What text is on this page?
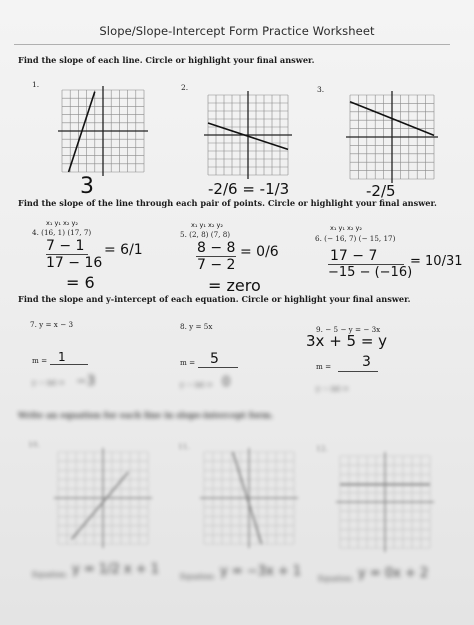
Slope/Slope-Intercept Form Practice Worksheet
Find the slope of each line. Circle or highlight your final answer.
1.	2.	3.
3	-2/6 = -1/3	-2/5
Find the slope of the line through each pair of points. Circle or highlight your final answer.
x₁ y₁ x₂ y₂
4. (16, 1) (17, 7)
7 − 1
17 − 16
= 6/1
= 6
x₁ y₁ x₂ y₂
5. (2, 8) (7, 8)
8 − 8
7 − 2
= 0/6
= zero
x₁ y₁ x₂ y₂
6. (− 16, 7) (− 15, 17)
17 − 7
−15 − (−16)
= 10/31
Find the slope and y-intercept of each equation. Circle or highlight your final answer.
7. y = x − 3
m = 1
y − int = −3
8. y = 5x
m = 5
y − int = 0
9. − 5 − y = − 3x
3x + 5 = y
m = 3
y − int =
Write an equation for each line in slope-intercept form.
10.	11.	12.
Equation: y = 1/2 x + 1	Equation: y = −3x + 1 Equation: y = 0x + 2
